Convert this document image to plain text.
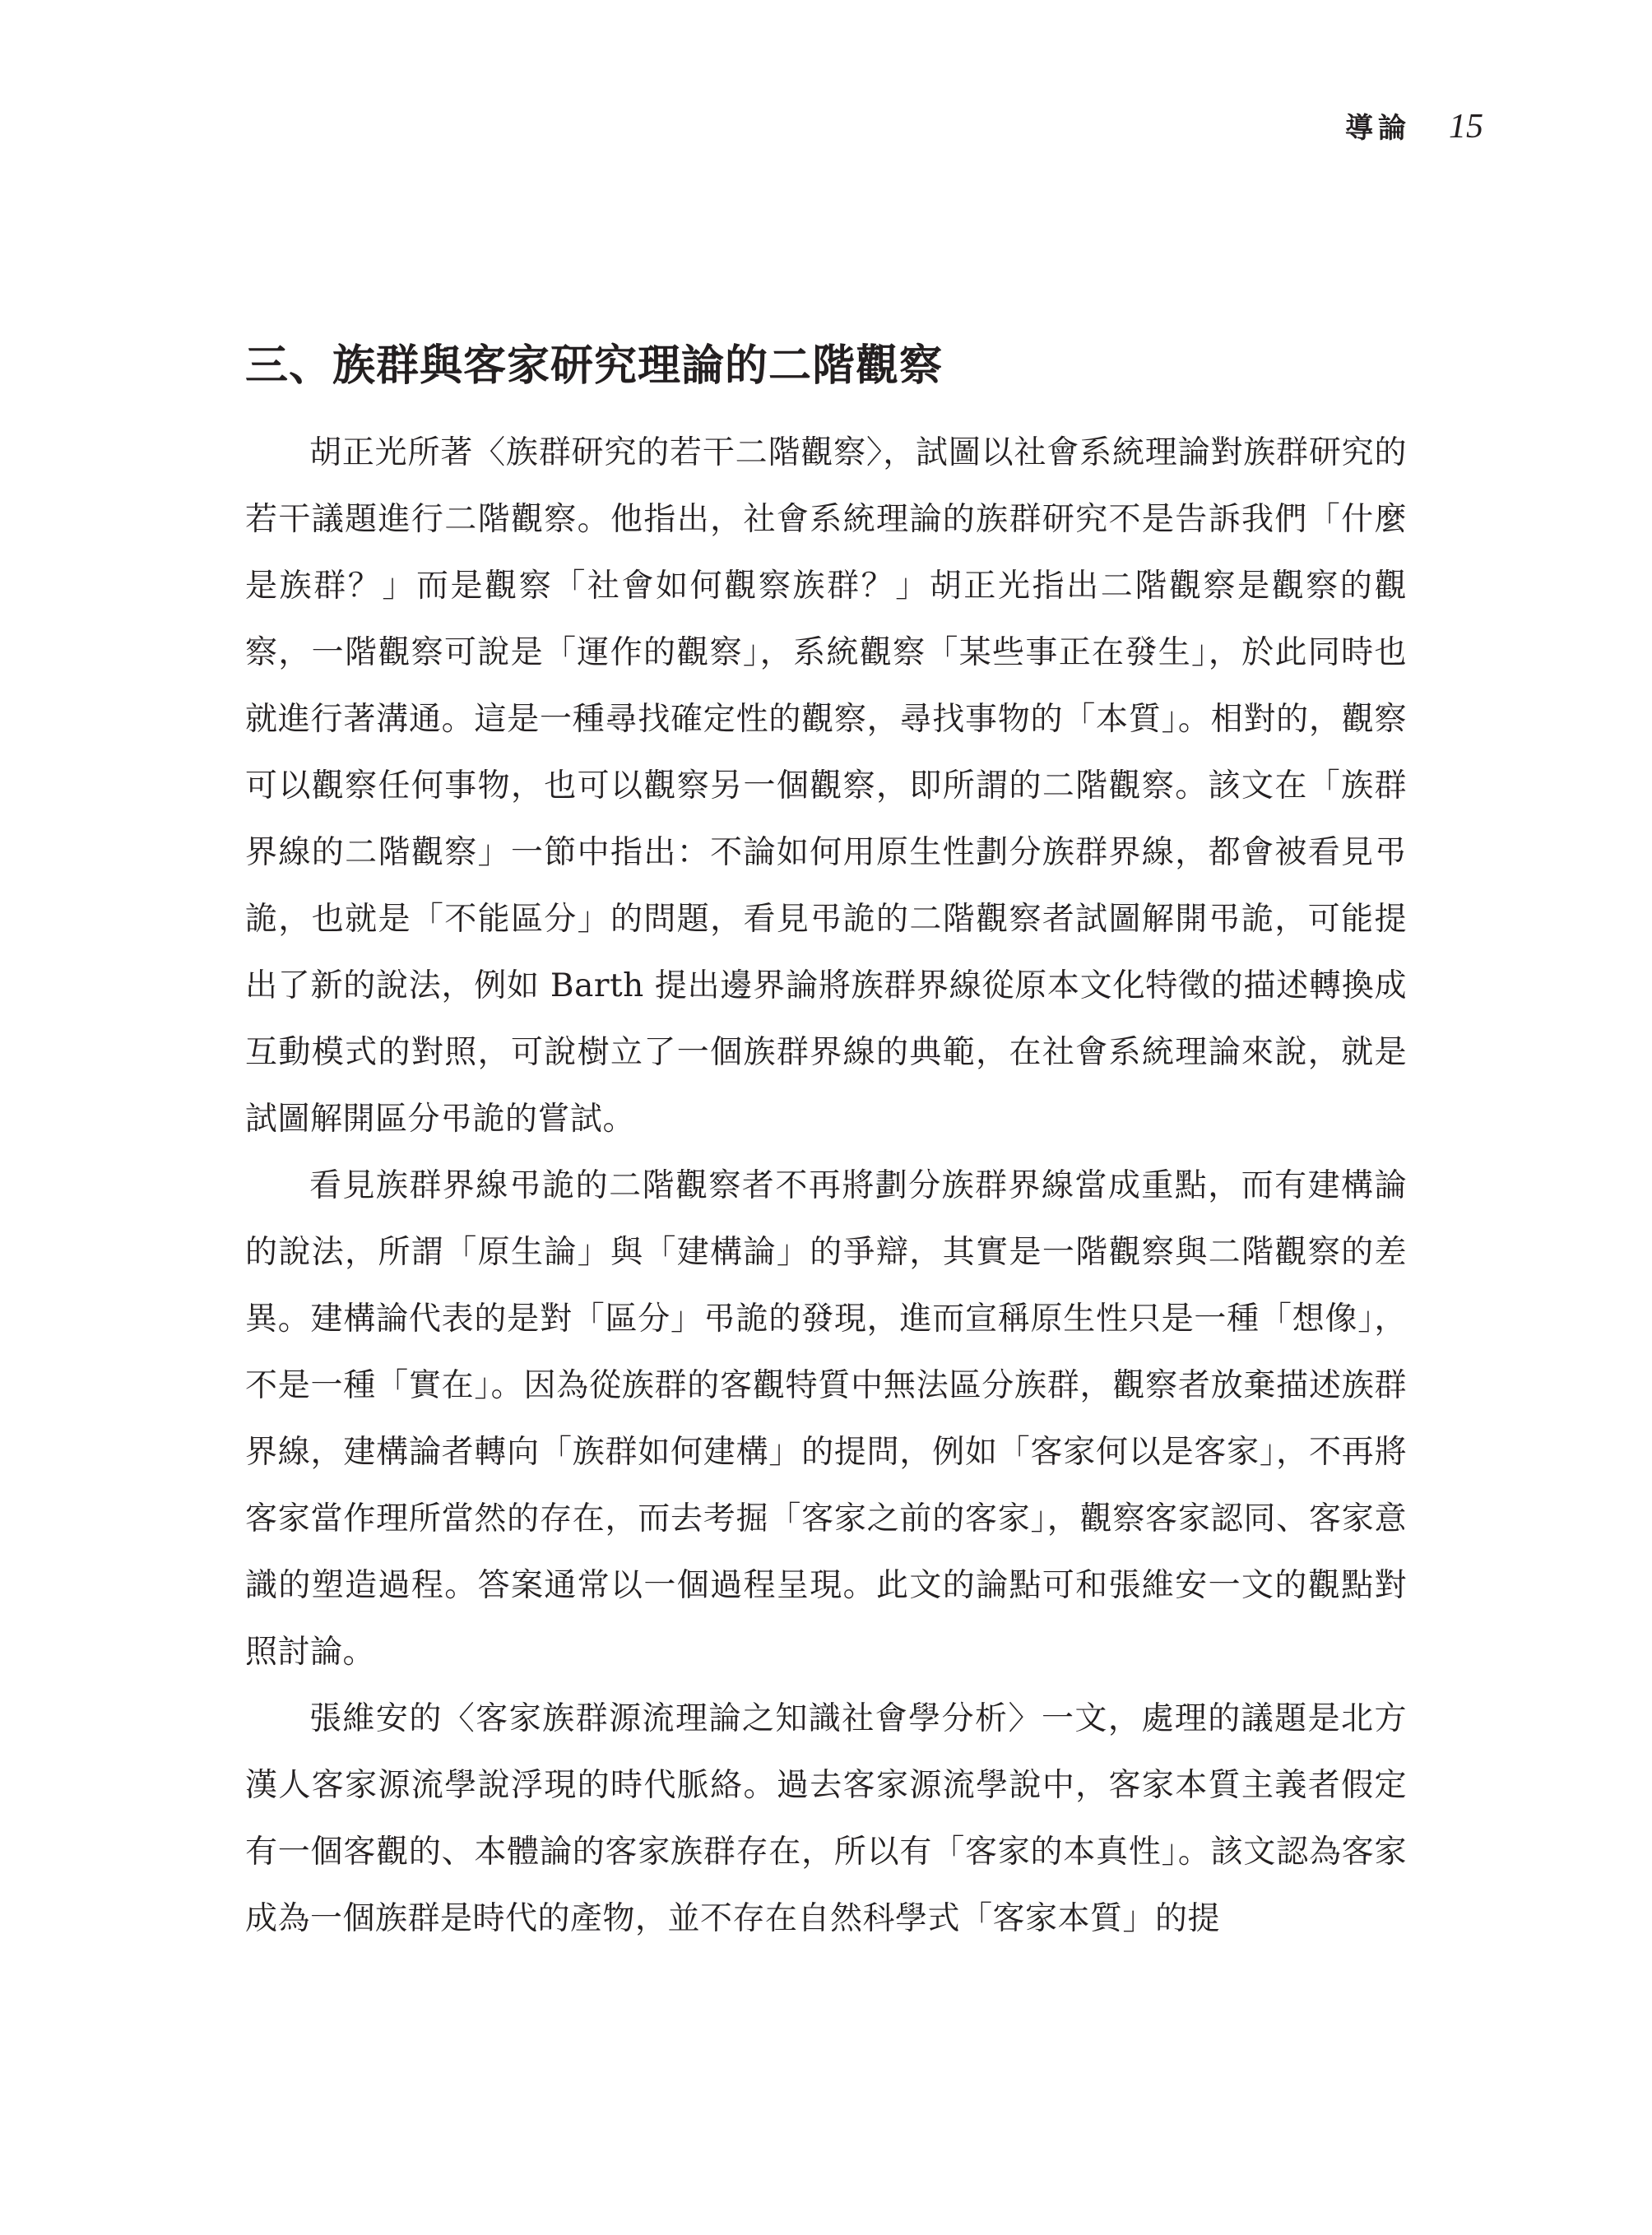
導論 15
三、族群與客家研究理論的二階觀察

胡正光所著〈族群研究的若干二階觀察〉，試圖以社會系統理論對族群研究的若干議題進行二階觀察。他指出，社會系統理論的族群研究不是告訴我們「什麼是族群？」而是觀察「社會如何觀察族群？」胡正光指出二階觀察是觀察的觀察，一階觀察可說是「運作的觀察」，系統觀察「某些事正在發生」，於此同時也就進行著溝通。這是一種尋找確定性的觀察，尋找事物的「本質」。相對的，觀察可以觀察任何事物，也可以觀察另一個觀察，即所謂的二階觀察。該文在「族群界線的二階觀察」一節中指出：不論如何用原生性劃分族群界線，都會被看見弔詭，也就是「不能區分」的問題，看見弔詭的二階觀察者試圖解開弔詭，可能提出了新的說法，例如 Barth 提出邊界論將族群界線從原本文化特徵的描述轉換成互動模式的對照，可說樹立了一個族群界線的典範，在社會系統理論來說，就是試圖解開區分弔詭的嘗試。

看見族群界線弔詭的二階觀察者不再將劃分族群界線當成重點，而有建構論的說法，所謂「原生論」與「建構論」的爭辯，其實是一階觀察與二階觀察的差異。建構論代表的是對「區分」弔詭的發現，進而宣稱原生性只是一種「想像」，不是一種「實在」。因為從族群的客觀特質中無法區分族群，觀察者放棄描述族群界線，建構論者轉向「族群如何建構」的提問，例如「客家何以是客家」，不再將客家當作理所當然的存在，而去考掘「客家之前的客家」，觀察客家認同、客家意識的塑造過程。答案通常以一個過程呈現。此文的論點可和張維安一文的觀點對照討論。

張維安的〈客家族群源流理論之知識社會學分析〉一文，處理的議題是北方漢人客家源流學說浮現的時代脈絡。過去客家源流學說中，客家本質主義者假定有一個客觀的、本體論的客家族群存在，所以有「客家的本真性」。該文認為客家成為一個族群是時代的產物，並不存在自然科學式「客家本質」的提
